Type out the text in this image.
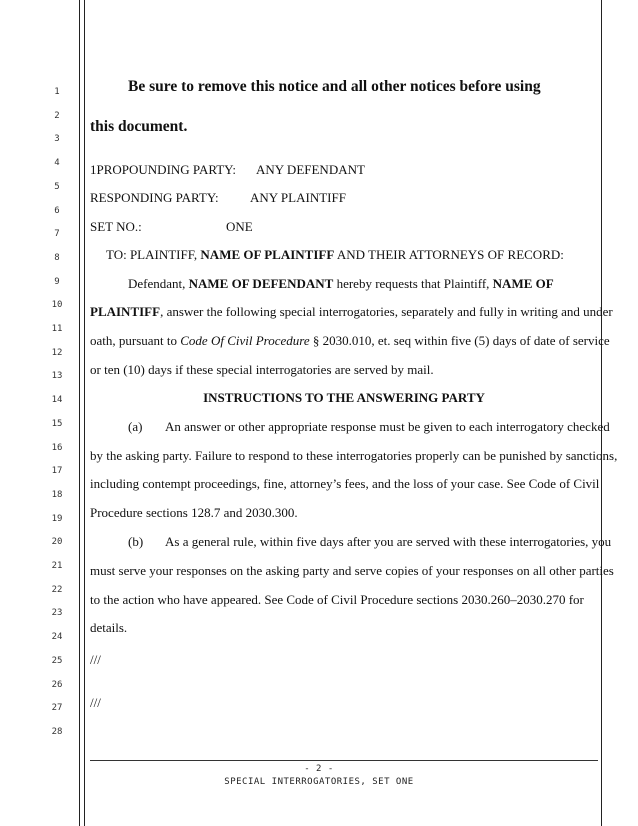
1
2
3
4
5
6
7
8
9
10
11
12
13
14
15
16
17
18
19
20
21
22
23
24
25
26
27
28
Be sure to remove this notice and all other notices before using
this document.
1PROPOUNDING PARTY: ANY DEFENDANT
RESPONDING PARTY: ANY PLAINTIFF
SET NO.:	ONE
TO: PLAINTIFF, NAME OF PLAINTIFF AND THEIR ATTORNEYS OF RECORD:
Defendant, NAME OF DEFENDANT hereby requests that Plaintiff, NAME OF
PLAINTIFF, answer the following special interrogatories, separately and fully in writing and under
oath, pursuant to Code Of Civil Procedure § 2030.010, et. seq within five (5) days of date of service
or ten (10) days if these special interrogatories are served by mail.
INSTRUCTIONS TO THE ANSWERING PARTY
(a) An answer or other appropriate response must be given to each interrogatory checked
by the asking party. Failure to respond to these interrogatories properly can be punished by sanctions,
including contempt proceedings, fine, attorney’s fees, and the loss of your case. See Code of Civil
Procedure sections 128.7 and 2030.300.
(b) As a general rule, within five days after you are served with these interrogatories, you
must serve your responses on the asking party and serve copies of your responses on all other parties
to the action who have appeared. See Code of Civil Procedure sections 2030.260–2030.270 for
details.
///
///
- 2 -
SPECIAL INTERROGATORIES, SET ONE
